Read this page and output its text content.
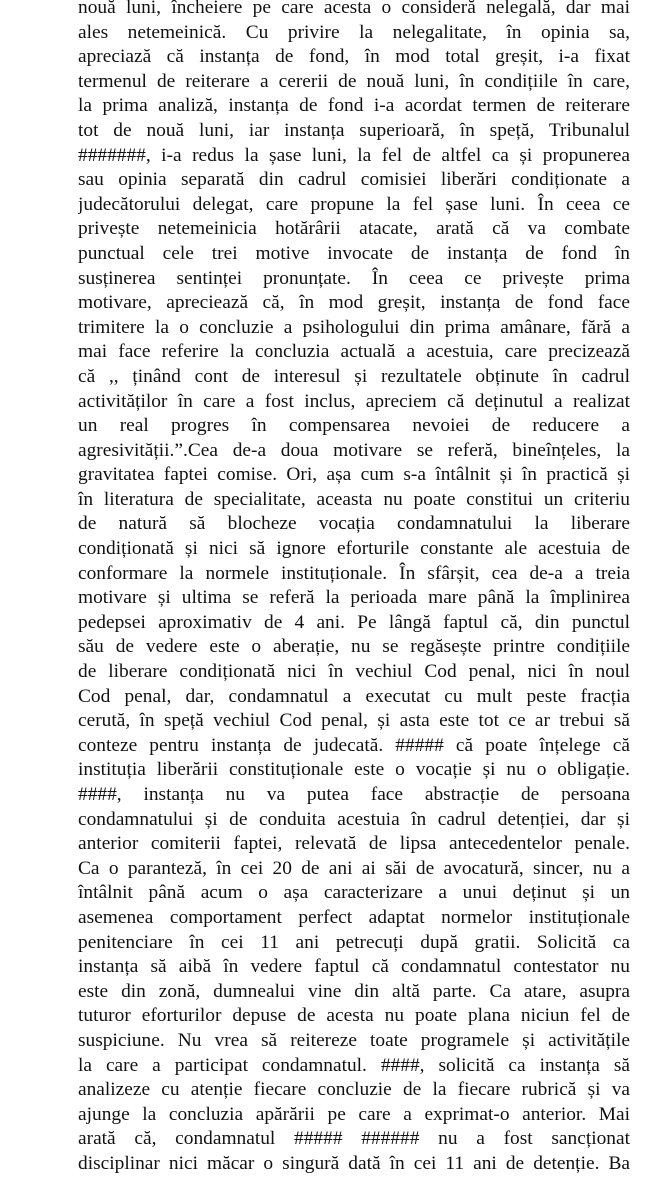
nouă luni, încheiere pe care acesta o consideră nelegală, dar mai
ales netemeinică. Cu privire la nelegalitate, în opinia sa,
apreciază că instanța de fond, în mod total greșit, i-a fixat
termenul de reiterare a cererii de nouă luni, în condițiile în care,
la prima analiză, instanța de fond i-a acordat termen de reiterare
tot de nouă luni, iar instanța superioară, în speță, Tribunalul
#######, i-a redus la șase luni, la fel de altfel ca și propunerea
sau opinia separată din cadrul comisiei liberări condiționate a
judecătorului delegat, care propune la fel șase luni. În ceea ce
privește netemeinicia hotărârii atacate, arată că va combate
punctual cele trei motive invocate de instanța de fond în
susținerea sentinței pronunțate. În ceea ce privește prima
motivare, apreciează că, în mod greșit, instanța de fond face
trimitere la o concluzie a psihologului din prima amânare, fără a
mai face referire la concluzia actuală a acestuia, care precizează
că ,, ținând cont de interesul și rezultatele obținute în cadrul
activităților în care a fost inclus, apreciem că deținutul a realizat
un real progres în compensarea nevoiei de reducere a
agresivității.”.Cea de-a doua motivare se referă, bineînțeles, la
gravitatea faptei comise. Ori, așa cum s-a întâlnit și în practică și
în literatura de specialitate, aceasta nu poate constitui un criteriu
de natură să blocheze vocația condamnatului la liberare
condiționată și nici să ignore eforturile constante ale acestuia de
conformare la normele instituționale. În sfârșit, cea de-a a treia
motivare și ultima se referă la perioada mare până la împlinirea
pedepsei aproximativ de 4 ani. Pe lângă faptul că, din punctul
său de vedere este o aberație, nu se regăsește printre condițiile
de liberare condiționată nici în vechiul Cod penal, nici în noul
Cod penal, dar, condamnatul a executat cu mult peste fracția
cerută, în speță vechiul Cod penal, și asta este tot ce ar trebui să
conteze pentru instanța de judecată. ##### că poate înțelege că
instituția liberării constituționale este o vocație și nu o obligație.
####, instanța nu va putea face abstracție de persoana
condamnatului și de conduita acestuia în cadrul detenției, dar și
anterior comiterii faptei, relevată de lipsa antecedentelor penale.
Ca o paranteză, în cei 20 de ani ai săi de avocatură, sincer, nu a
întâlnit până acum o așa caracterizare a unui deținut și un
asemenea comportament perfect adaptat normelor instituționale
penitenciare în cei 11 ani petrecuți după gratii. Solicită ca
instanța să aibă în vedere faptul că condamnatul contestator nu
este din zonă, dumnealui vine din altă parte. Ca atare, asupra
tuturor eforturilor depuse de acesta nu poate plana niciun fel de
suspiciune. Nu vrea să reitereze toate programele și activitățile
la care a participat condamnatul. ####, solicită ca instanța să
analizeze cu atenție fiecare concluzie de la fiecare rubrică și va
ajunge la concluzia apărării pe care a exprimat-o anterior. Mai
arată că, condamnatul ##### ###### nu a fost sancționat
disciplinar nici măcar o singură dată în cei 11 ani de detenție. Ba
